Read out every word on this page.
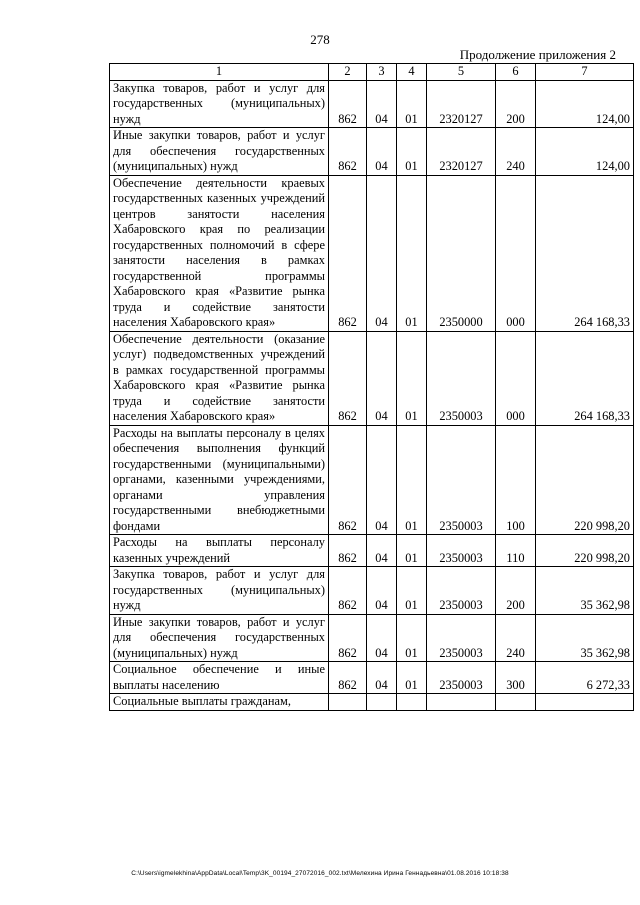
278
Продолжение приложения 2
1	2	3	4	5	6	7
Закупка товаров, работ и услуг для государственных (муниципальных) нужд	862	04	01	2320127	200	124,00
Иные закупки товаров, работ и услуг для обеспечения государственных (муниципальных) нужд	862	04	01	2320127	240	124,00
Обеспечение деятельности краевых государственных казенных учреждений центров занятости населения Хабаровского края по реализации государственных полномочий в сфере занятости населения в рамках государственной программы Хабаровского края «Развитие рынка труда и содействие занятости населения Хабаровского края»	862	04	01	2350000	000	264 168,33
Обеспечение деятельности (оказание услуг) подведомственных учреждений в рамках государственной программы Хабаровского края «Развитие рынка труда и содействие занятости населения Хабаровского края»	862	04	01	2350003	000	264 168,33
Расходы на выплаты персоналу в целях обеспечения выполнения функций государственными (муниципальными) органами, казенными учреждениями, органами управления государственными внебюджетными фондами	862	04	01	2350003	100	220 998,20
Расходы на выплаты персоналу казенных учреждений	862	04	01	2350003	110	220 998,20
Закупка товаров, работ и услуг для государственных (муниципальных) нужд	862	04	01	2350003	200	35 362,98
Иные закупки товаров, работ и услуг для обеспечения государственных (муниципальных) нужд	862	04	01	2350003	240	35 362,98
Социальное обеспечение и иные выплаты населению	862	04	01	2350003	300	6 272,33
Социальные выплаты гражданам,						
C:\Users\igmelekhina\AppData\Local\Temp\3K_00194_27072016_002.txt\Мелехина Ирина Геннадьевна\01.08.2016 10:18:38
